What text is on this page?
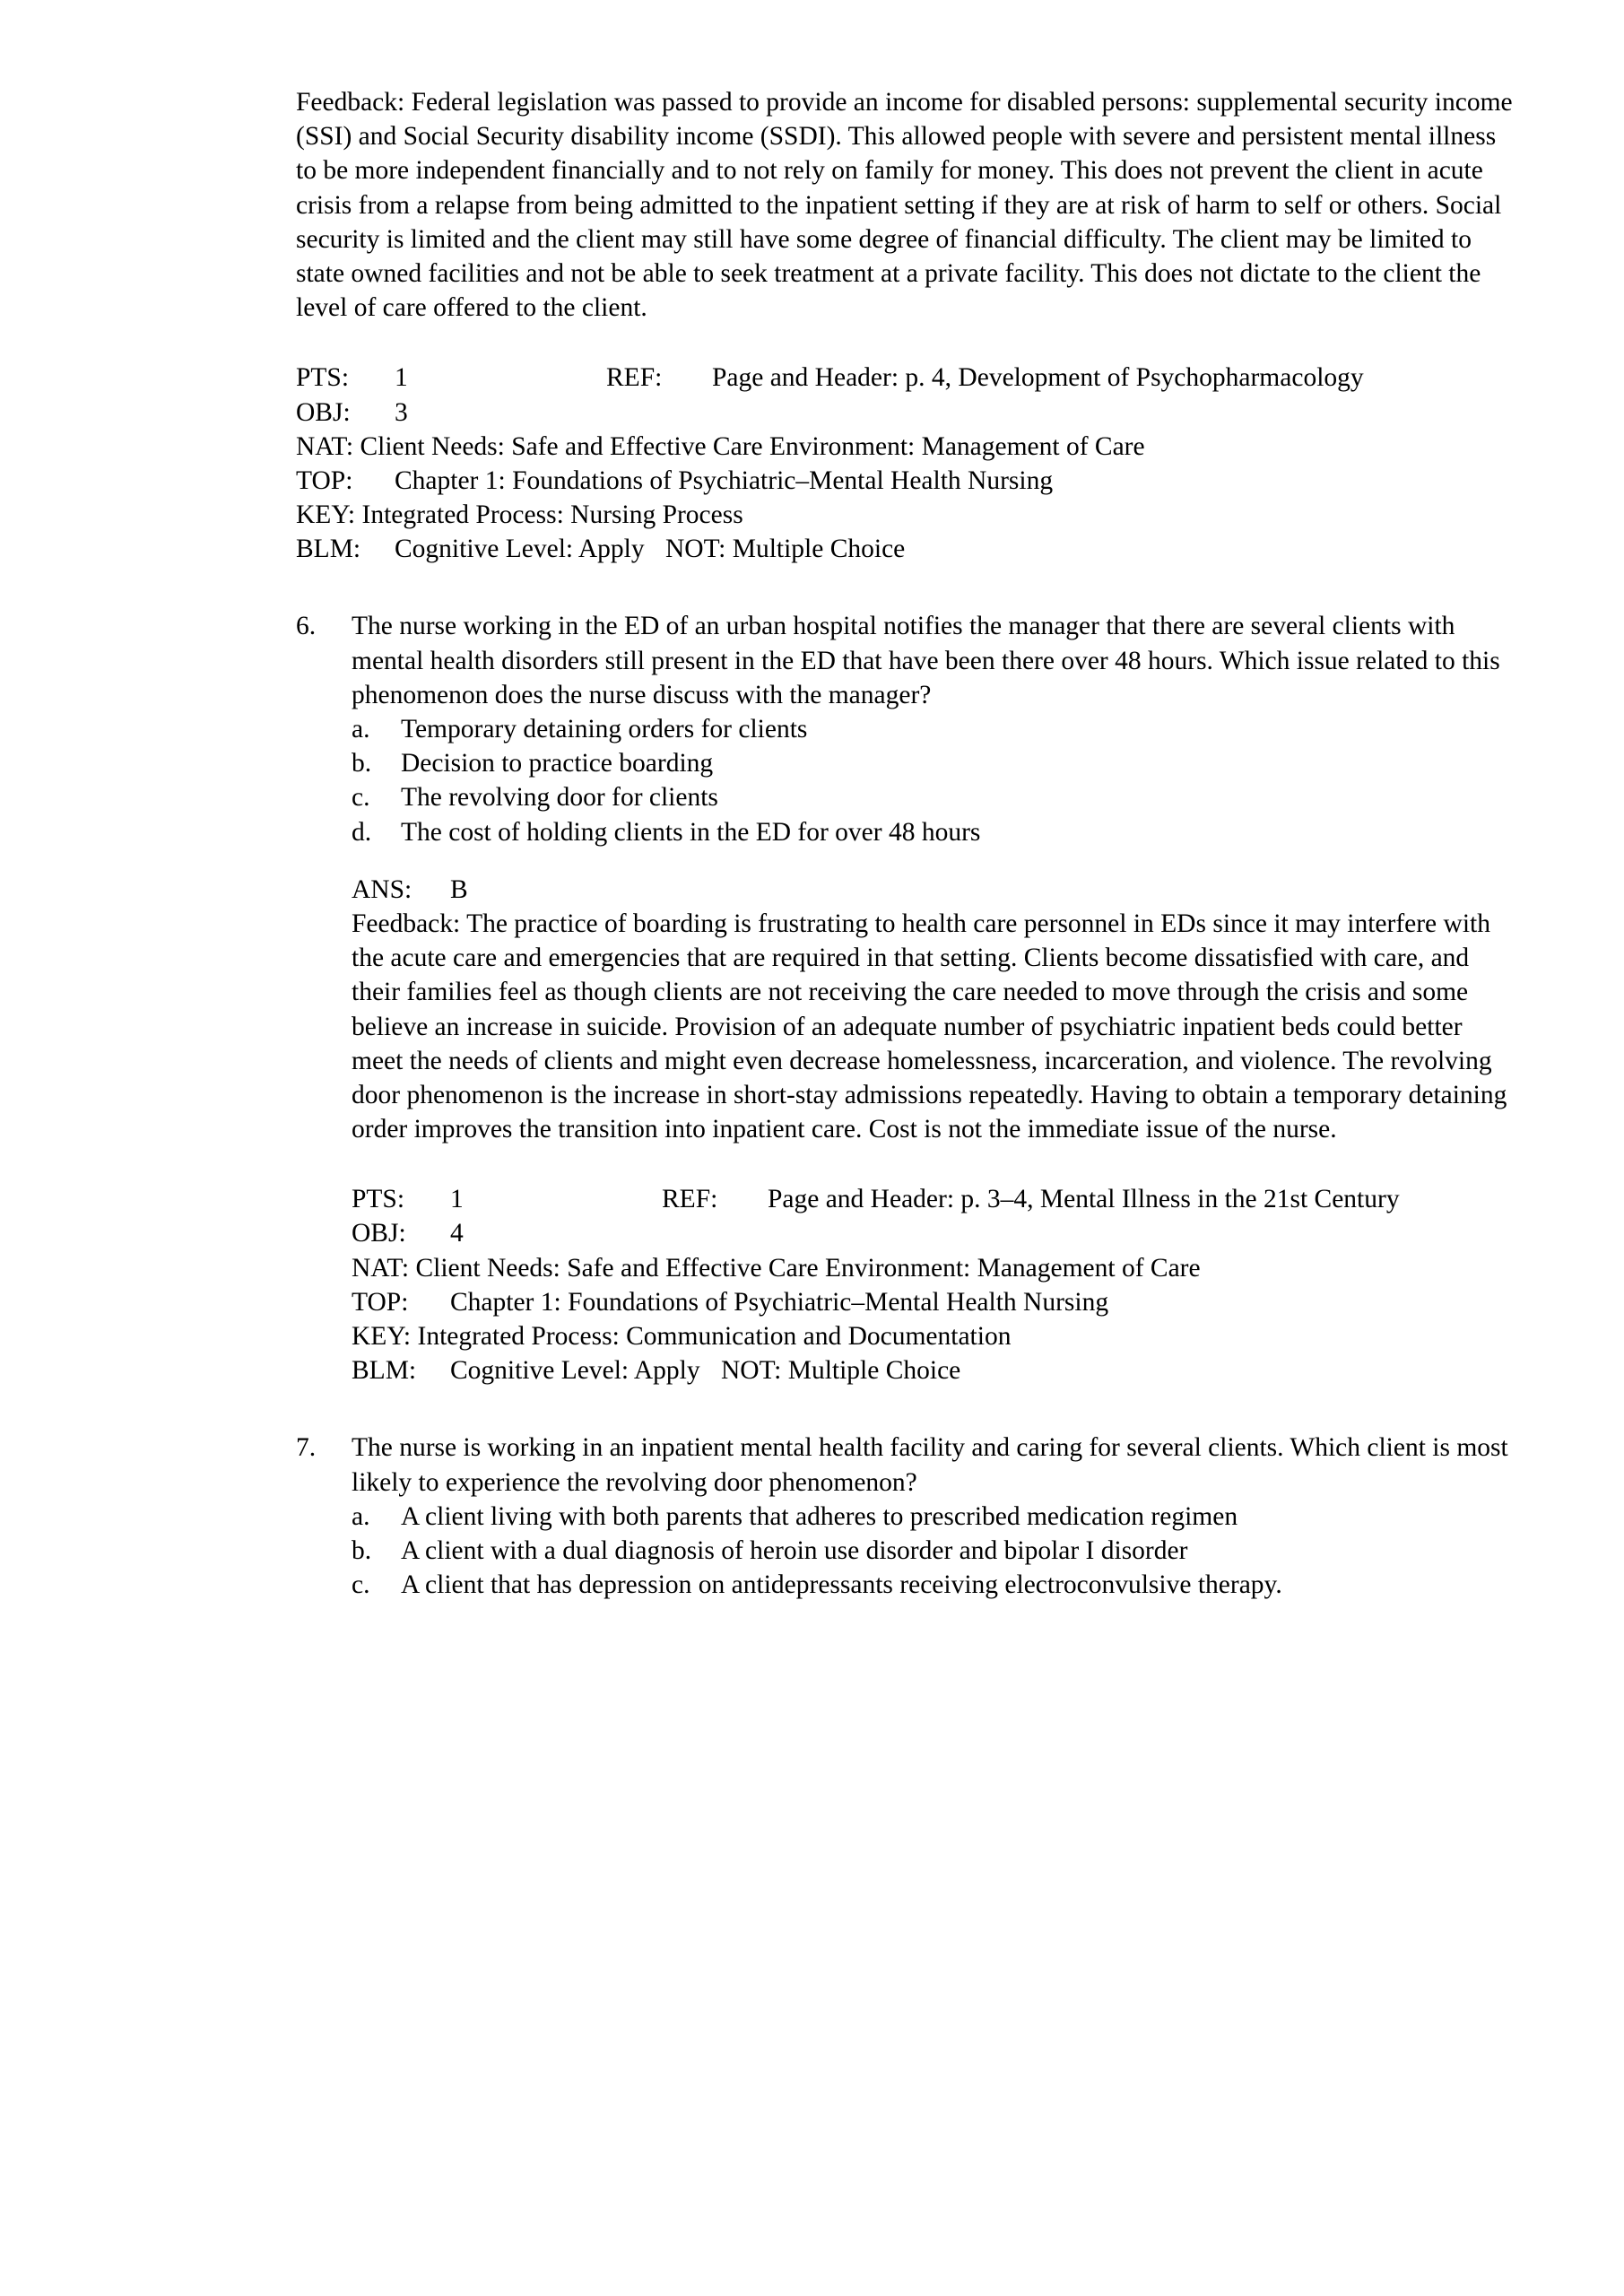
Feedback: Federal legislation was passed to provide an income for disabled persons: supplemental security income (SSI) and Social Security disability income (SSDI). This allowed people with severe and persistent mental illness to be more independent financially and to not rely on family for money. This does not prevent the client in acute crisis from a relapse from being admitted to the inpatient setting if they are at risk of harm to self or others. Social security is limited and the client may still have some degree of financial difficulty. The client may be limited to state owned facilities and not be able to seek treatment at a private facility. This does not dictate to the client the level of care offered to the client.

PTS:	1	REF:	Page and Header: p. 4, Development of Psychopharmacology
OBJ:	3
NAT: Client Needs: Safe and Effective Care Environment: Management of Care
TOP:	Chapter 1: Foundations of Psychiatric–Mental Health Nursing
KEY: Integrated Process: Nursing Process
BLM:	Cognitive Level: Apply NOT: Multiple Choice
6.	The nurse working in the ED of an urban hospital notifies the manager that there are several clients with mental health disorders still present in the ED that have been there over 48 hours. Which issue related to this phenomenon does the nurse discuss with the manager?

a.	Temporary detaining orders for clients
b.	Decision to practice boarding
c.	The revolving door for clients
d.	The cost of holding clients in the ED for over 48 hours
ANS:	B

Feedback: The practice of boarding is frustrating to health care personnel in EDs since it may interfere with the acute care and emergencies that are required in that setting. Clients become dissatisfied with care, and their families feel as though clients are not receiving the care needed to move through the crisis and some believe an increase in suicide. Provision of an adequate number of psychiatric inpatient beds could better meet the needs of clients and might even decrease homelessness, incarceration, and violence. The revolving door phenomenon is the increase in short-stay admissions repeatedly. Having to obtain a temporary detaining order improves the transition into inpatient care. Cost is not the immediate issue of the nurse.

PTS:	1	REF:	Page and Header: p. 3–4, Mental Illness in the 21st Century
OBJ:	4
NAT: Client Needs: Safe and Effective Care Environment: Management of Care
TOP:	Chapter 1: Foundations of Psychiatric–Mental Health Nursing
KEY: Integrated Process: Communication and Documentation
BLM:	Cognitive Level: Apply NOT: Multiple Choice
7.	The nurse is working in an inpatient mental health facility and caring for several clients. Which client is most likely to experience the revolving door phenomenon?

a.	A client living with both parents that adheres to prescribed medication regimen
b.	A client with a dual diagnosis of heroin use disorder and bipolar I disorder
c.	A client that has depression on antidepressants receiving electroconvulsive therapy.
